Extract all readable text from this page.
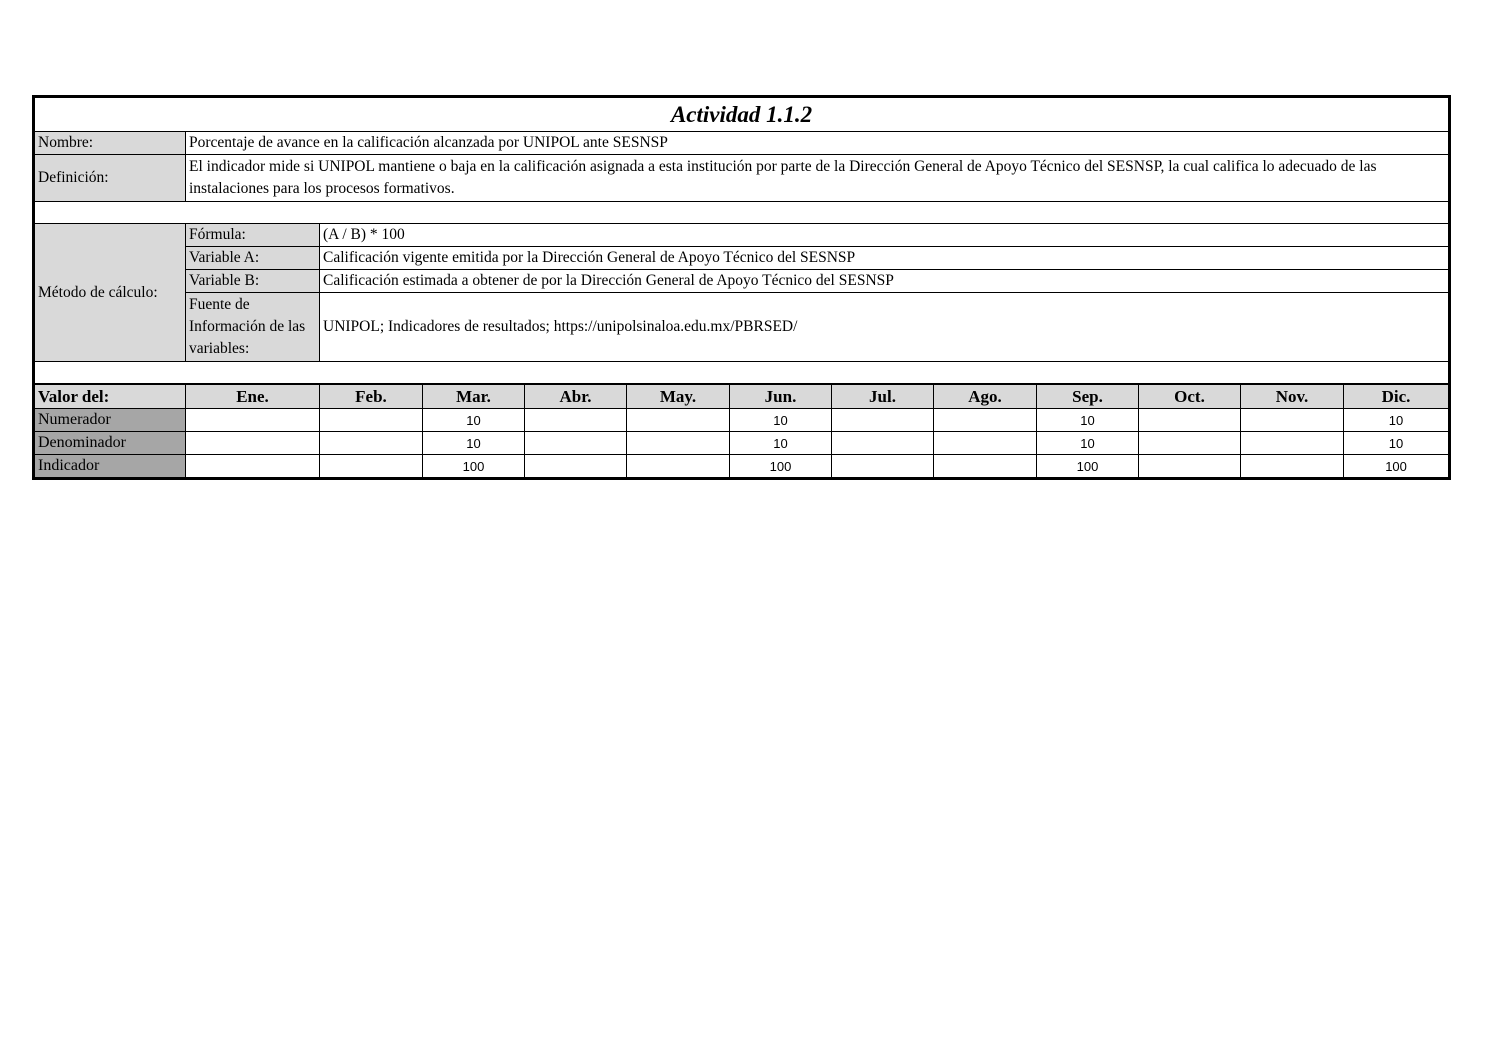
Actividad 1.1.2												
Nombre:	Porcentaje de avance en la calificación alcanzada por UNIPOL ante SESNSP											
Definición:	El indicador mide si UNIPOL mantiene o baja en la calificación asignada a esta institución por parte de la Dirección General de Apoyo Técnico del SESNSP, la cual califica lo adecuado de las instalaciones para los procesos formativos.											

Método de cálculo:	Fórmula:	(A / B) * 100										
	Variable A:	Calificación vigente emitida por la Dirección General de Apoyo Técnico del SESNSP										
	Variable B:	Calificación estimada a obtener de por la Dirección General de Apoyo Técnico del SESNSP										
	Fuente de Información de las variables:	UNIPOL; Indicadores de resultados; https://unipolsinaloa.edu.mx/PBRSED/										

Valor del:	Ene.	Feb.	Mar.	Abr.	May.	Jun.	Jul.	Ago.	Sep.	Oct.	Nov.	Dic.
Numerador			10			10			10			10
Denominador			10			10			10			10
Indicador			100			100			100			100
